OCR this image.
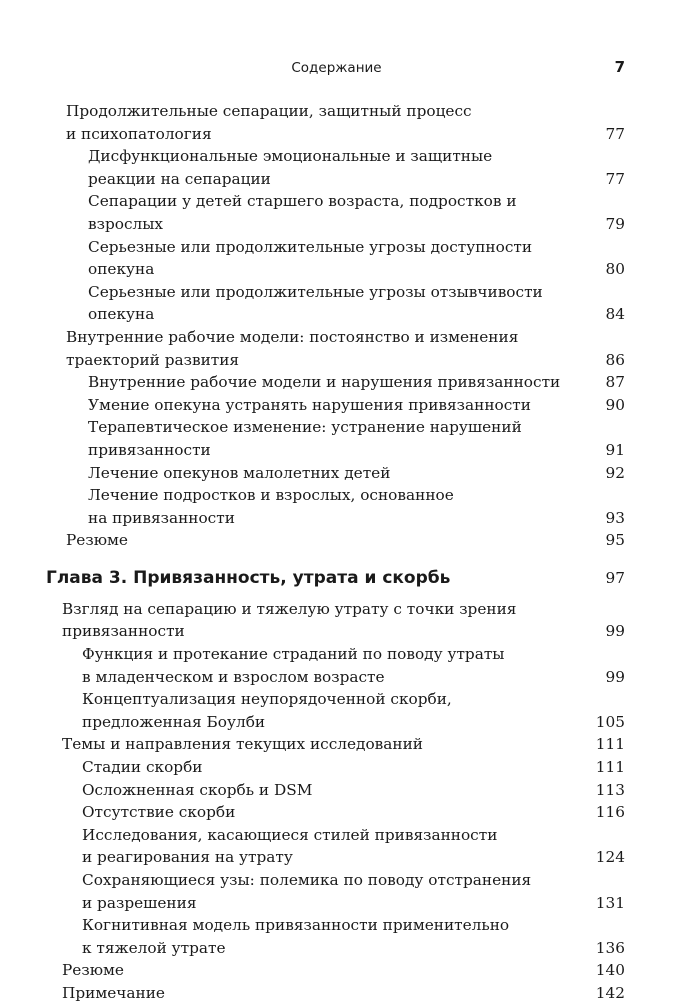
Содержание	7
Продолжительные сепарации, защитный процесс
и психопатология	77
Дисфункциональные эмоциональные и защитные
реакции на сепарации	77
Сепарации у детей старшего возраста, подростков и взрослых	79
Серьезные или продолжительные угрозы доступности опекуна	80
Серьезные или продолжительные угрозы отзывчивости опекуна	84
Внутренние рабочие модели: постоянство и изменения
траекторий развития	86
Внутренние рабочие модели и нарушения привязанности	87
Умение опекуна устранять нарушения привязанности	90
Терапевтическое изменение: устранение нарушений
привязанности	91
Лечение опекунов малолетних детей	92
Лечение подростков и взрослых, основанное
на привязанности	93
Резюме	95
Глава 3. Привязанность, утрата и скорбь	97
Взгляд на сепарацию и тяжелую утрату с точки зрения
привязанности	99
Функция и протекание страданий по поводу утраты
в младенческом и взрослом возрасте	99
Концептуализация неупорядоченной скорби,
предложенная Боулби	105
Темы и направления текущих исследований	111
Стадии скорби	111
Осложненная скорбь и DSM	113
Отсутствие скорби	116
Исследования, касающиеся стилей привязанности
и реагирования на утрату	124
Сохраняющиеся узы: полемика по поводу отстранения
и разрешения	131
Когнитивная модель привязанности применительно
к тяжелой утрате	136
Резюме	140
Примечание	142
